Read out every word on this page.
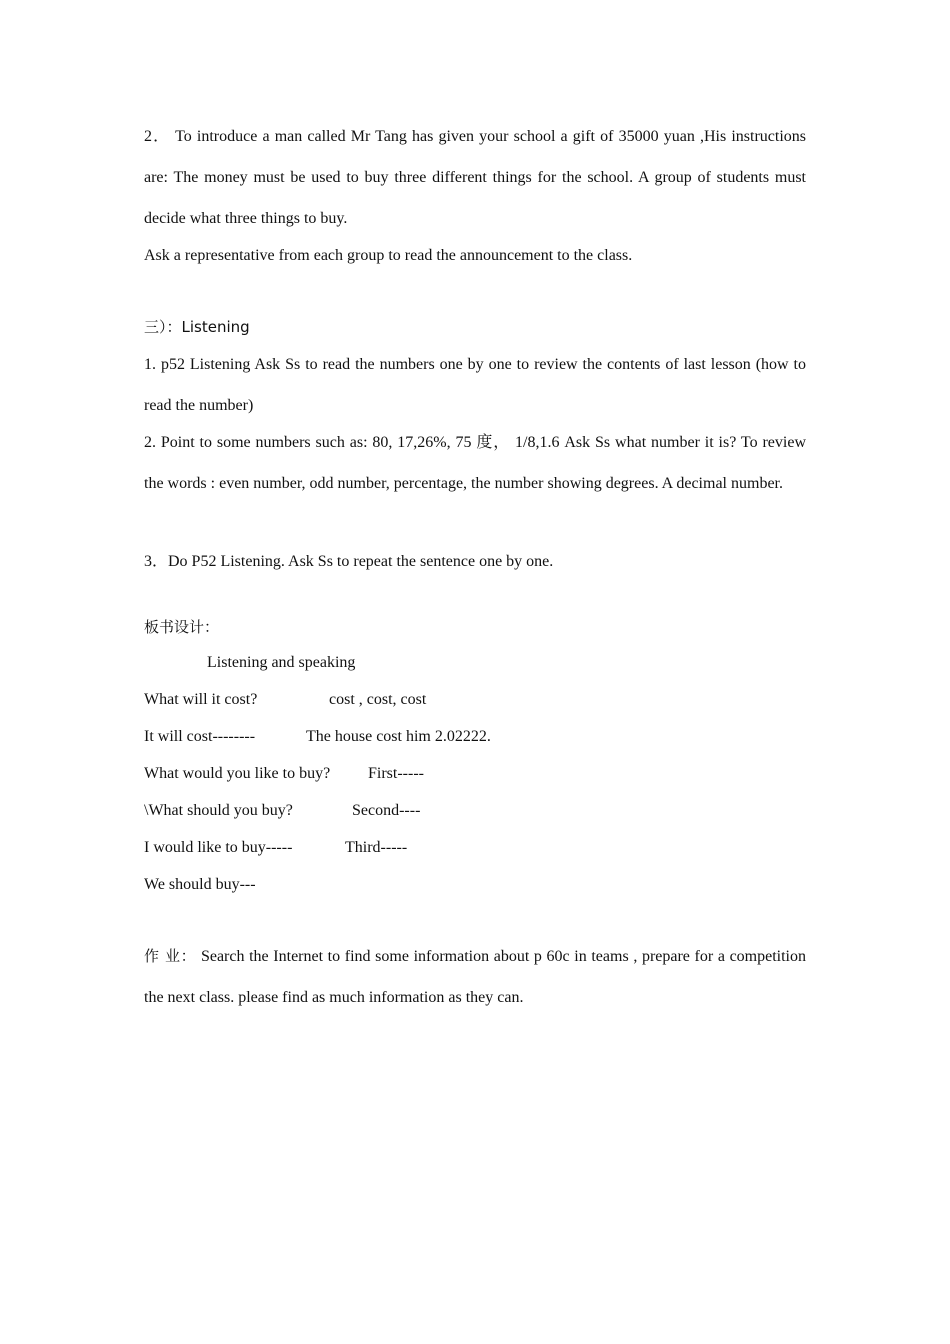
2． To introduce a man called Mr Tang has given your school a gift of 35000 yuan ,His instructions are: The money must be used to buy three different things for the school. A group of students must decide what three things to buy.
Ask a representative from each group to read the announcement to the class.
三）：Listening
1. p52 Listening Ask Ss to read the numbers one by one to review the contents of last lesson (how to read the number)
2. Point to some numbers such as: 80, 17,26%, 75 度， 1/8,1.6 Ask Ss what number it is? To review the words : even number, odd number, percentage, the number showing degrees. A decimal number.
3．Do P52 Listening. Ask Ss to repeat the sentence one by one.
板书设计：
Listening and speaking
What will it cost?	cost , cost, cost
It will cost--------	The house cost him 2.02222.
What would you like to buy? First-----
\What should you buy?	Second----
I would like to buy-----	Third-----
We should buy---
作 业： Search the Internet to find some information about p 60c in teams , prepare for a competition the next class. please find as much information as they can.
